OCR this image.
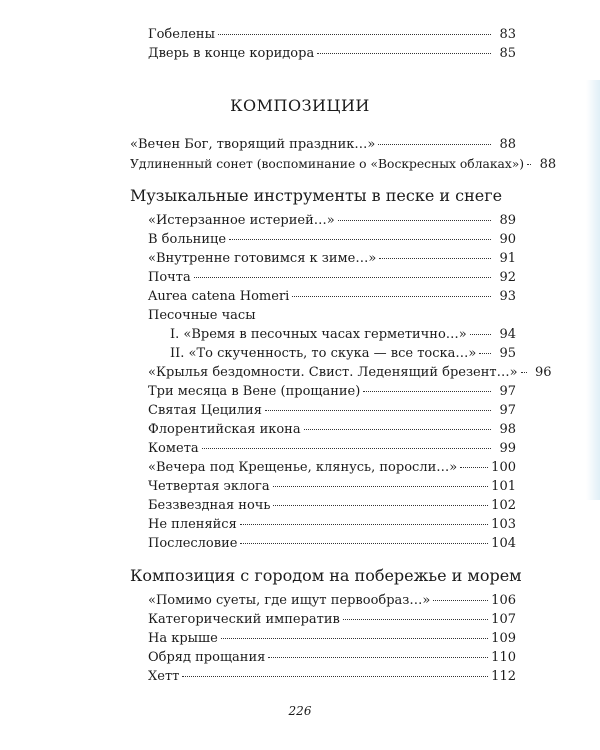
Гобелены	83
Дверь в конце коридора	85
КОМПОЗИЦИИ
«Вечен Бог, творящий праздник…»	88
Удлиненный сонет (воспоминание о «Воскресных облаках»)	88
Музыкальные инструменты в песке и снеге
«Истерзанное истерией…»	89
В больнице	90
«Внутренне готовимся к зиме…»	91
Почта	92
Aurea catena Homeri	93
Песочные часы
I. «Время в песочных часах герметично…»	94
II. «То скученность, то скука — все тоска…»	95
«Крылья бездомности. Свист. Леденящий брезент…»	96
Три месяца в Вене (прощание)	97
Святая Цецилия	97
Флорентийская икона	98
Комета	99
«Вечера под Крещенье, клянусь, поросли…»	100
Четвертая эклога	101
Беззвездная ночь	102
Не пленяйся	103
Послесловие	104
Композиция с городом на побережье и морем
«Помимо суеты, где ищут первообраз…»	106
Категорический императив	107
На крыше	109
Обряд прощания	110
Хетт	112
226
